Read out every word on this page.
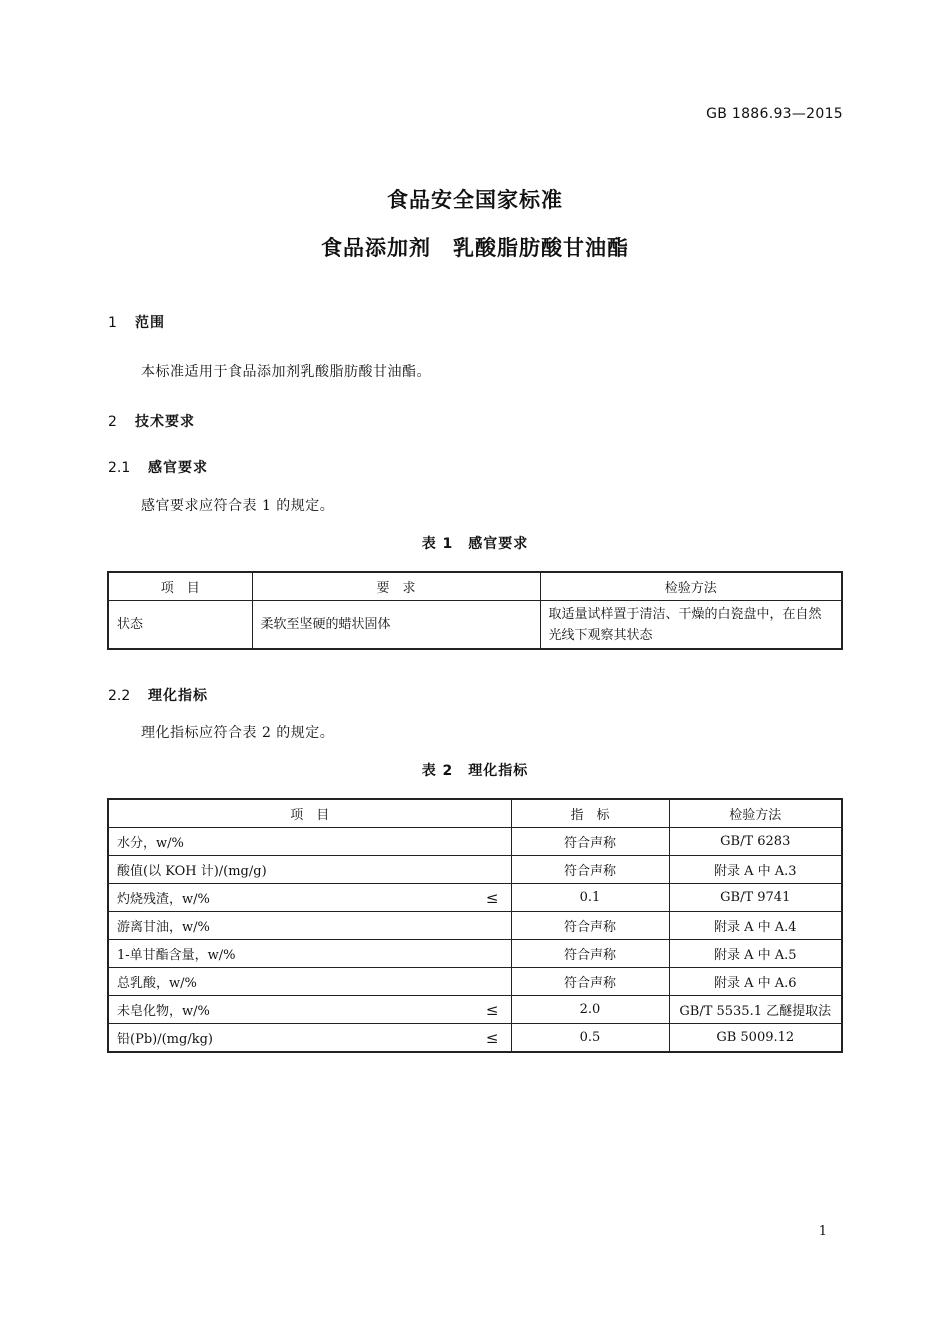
GB 1886.93—2015
食品安全国家标准
食品添加剂　乳酸脂肪酸甘油酯
1 范围
本标准适用于食品添加剂乳酸脂肪酸甘油酯。
2 技术要求
2.1 感官要求
感官要求应符合表 1 的规定。
表 1　感官要求
项　目	要　求	检验方法
状态	柔软至坚硬的蜡状固体	取适量试样置于清洁、干燥的白瓷盘中，在自然光线下观察其状态
2.2 理化指标
理化指标应符合表 2 的规定。
表 2　理化指标
项　目	指　标	检验方法

水分，w/%	符合声称	GB/T 6283

酸值(以 KOH 计)/(mg/g)	符合声称	附录 A 中 A.3

灼烧残渣，w/% ≤	0.1	GB/T 9741

游离甘油，w/%	符合声称	附录 A 中 A.4

1-单甘酯含量，w/%	符合声称	附录 A 中 A.5

总乳酸，w/%	符合声称	附录 A 中 A.6

未皂化物，w/% ≤	2.0	GB/T 5535.1 乙醚提取法

铅(Pb)/(mg/kg) ≤	0.5	GB 5009.12
1
